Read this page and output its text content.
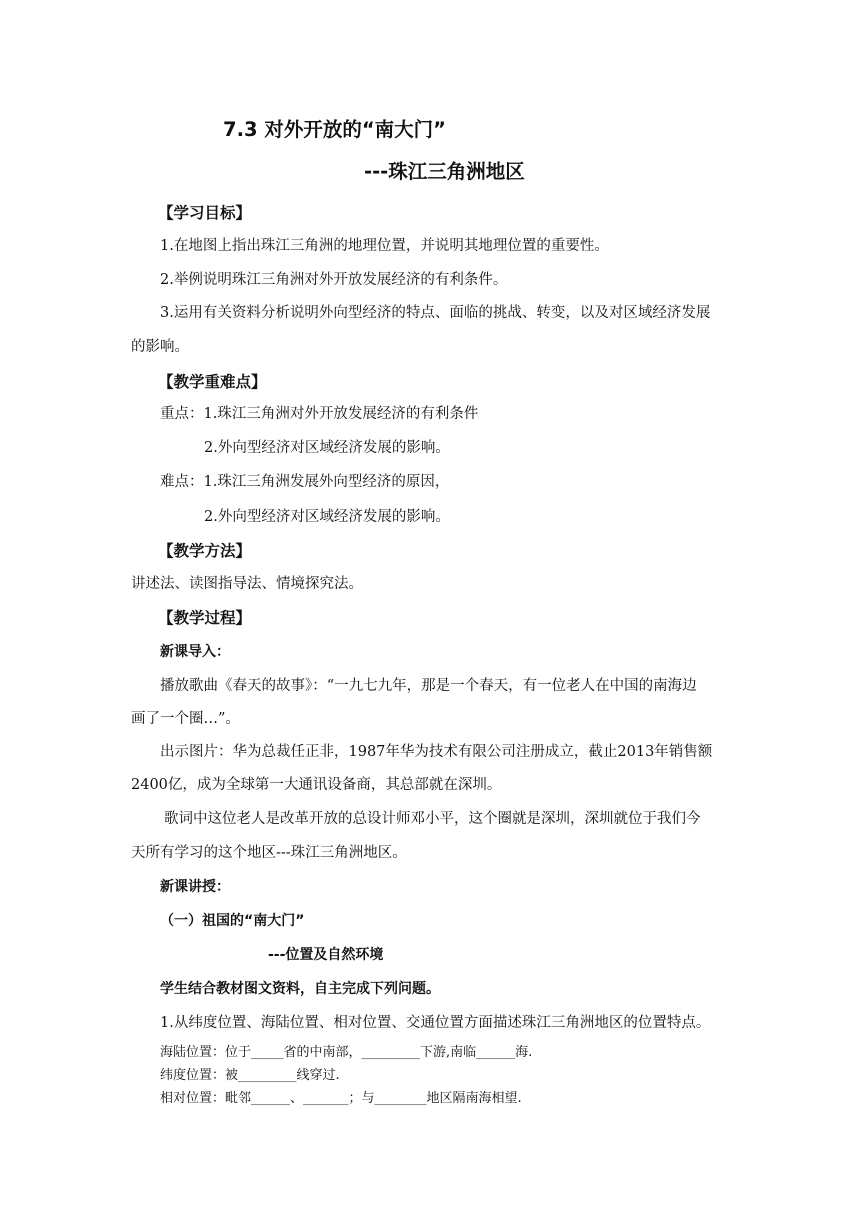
7.3 对外开放的“南大门”
---珠江三角洲地区
【学习目标】
1.在地图上指出珠江三角洲的地理位置，并说明其地理位置的重要性。
2.举例说明珠江三角洲对外开放发展经济的有利条件。
3.运用有关资料分析说明外向型经济的特点、面临的挑战、转变，以及对区域经济发展
的影响。
【教学重难点】
重点：1.珠江三角洲对外开放发展经济的有利条件
2.外向型经济对区域经济发展的影响。
难点：1.珠江三角洲发展外向型经济的原因，
2.外向型经济对区域经济发展的影响。
【教学方法】
讲述法、读图指导法、情境探究法。
【教学过程】
新课导入：
播放歌曲《春天的故事》：“一九七九年，那是一个春天，有一位老人在中国的南海边
画了一个圈…”。
出示图片：华为总裁任正非，1987年华为技术有限公司注册成立，截止2013年销售额
2400亿，成为全球第一大通讯设备商，其总部就在深圳。
歌词中这位老人是改革开放的总设计师邓小平，这个圈就是深圳，深圳就位于我们今
天所有学习的这个地区---珠江三角洲地区。
新课讲授：
（一）祖国的“南大门”
---位置及自然环境
学生结合教材图文资料，自主完成下列问题。
1.从纬度位置、海陆位置、相对位置、交通位置方面描述珠江三角洲地区的位置特点。
海陆位置：位于_____省的中南部，_________下游,南临______海.
纬度位置：被_________线穿过.
相对位置：毗邻______、_______；与________地区隔南海相望.
